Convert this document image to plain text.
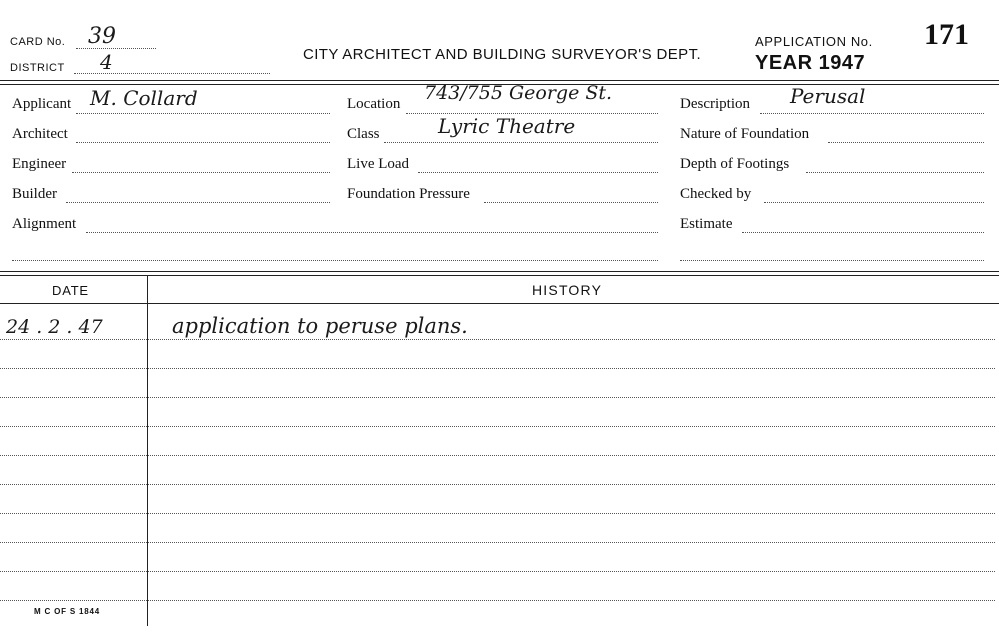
CARD No. 39
DISTRICT 4	CITY ARCHITECT AND BUILDING SURVEYOR'S DEPT.
APPLICATION No. 171
YEAR 1947
Applicant M. Collard
Architect
Engineer
Builder
Alignment
Location 743/755 George St.
Class	Lyric Theatre
Live Load
Foundation Pressure
Description Perusal
Nature of Foundation
Depth of Footings
Checked by
Estimate
DATE	HISTORY
24 . 2 . 47	application to peruse plans.
M C OF S 1844
